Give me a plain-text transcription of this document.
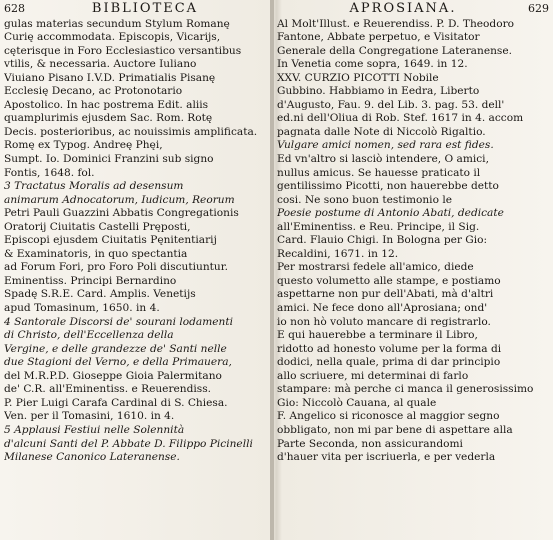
628	BIBLIOTECA
gulas materias secundum Stylum Romanę
Curię accommodata. Episcopis, Vicarijs,
cęterisque in Foro Ecclesiastico versantibus
vtilis, & necessaria. Auctore Iuliano
Viuiano Pisano I.V.D. Primatialis Pisanę
Ecclesię Decano, ac Protonotario
Apostolico. In hac postrema Edit. aliis
quamplurimis ejusdem Sac. Rom. Rotę
Decis. posterioribus, ac nouissimis amplificata.
Romę ex Typog. Andreę Phęi,
Sumpt. Io. Dominici Franzini sub signo
Fontis, 1648. fol.
3 Tractatus Moralis ad desensum
animarum Adnocatorum, Iudicum, Reorum
Petri Pauli Guazzini Abbatis Congregationis
Oratorij Ciuitatis Castelli Pręposti,
Episcopi ejusdem Ciuitatis Pęnitentiarij
& Examinatoris, in quo spectantia
ad Forum Fori, pro Foro Poli discutiuntur.
Eminentiss. Principi Bernardino
Spadę S.R.E. Card. Amplis. Venetijs
apud Tomasinum, 1650. in 4.
4 Santorale Discorsi de' sourani lodamenti
di Christo, dell'Eccellenza della
Vergine, e delle grandezze de' Santi nelle
due Stagioni del Verno, e della Primauera,
del M.R.P.D. Gioseppe Gioia Palermitano
de' C.R. all'Eminentiss. e Reuerendiss.
P. Pier Luigi Carafa Cardinal di S. Chiesa.
Ven. per il Tomasini, 1610. in 4.
5 Applausi Festiui nelle Solennità
d'alcuni Santi del P. Abbate D. Filippo Picinelli
Milanese Canonico Lateranense.
APROSIANA.	629
Al Molt'Illust. e Reuerendiss. P. D. Theodoro
Fantone, Abbate perpetuo, e Visitator
Generale della Congregatione Lateranense.
In Venetia come sopra, 1649. in 12.
XXV. CURZIO PICOTTI Nobile
Gubbino. Habbiamo in Eedra, Liberto
d'Augusto, Fau. 9. del Lib. 3. pag. 53. dell'
ed.ni dell'Oliua di Rob. Stef. 1617 in 4. accom
pagnata dalle Note di Niccolò Rigaltio.
Vulgare amici nomen, sed rara est fides.
Ed vn'altro si lasciò intendere, O amici,
nullus amicus. Se hauesse praticato il
gentilissimo Picotti, non hauerebbe detto
cosi. Ne sono buon testimonio le
Poesie postume di Antonio Abati, dedicate
all'Eminentiss. e Reu. Principe, il Sig.
Card. Flauio Chigi. In Bologna per Gio:
Recaldini, 1671. in 12.
Per mostrarsi fedele all'amico, diede
questo volumetto alle stampe, e postiamo
aspettarne non pur dell'Abati, mà d'altri
amici. Ne fece dono all'Aprosiana; ond'
io non hò voluto mancare di registrarlo.
E qui hauerebbe a terminare il Libro,
ridotto ad honesto volume per la forma di
dodici, nella quale, prima di dar principio
allo scriuere, mi determinai di farlo
stampare: mà perche ci manca il generosissimo
Gio: Niccolò Cauana, al quale
F. Angelico si riconosce al maggior segno
obbligato, non mi par bene di aspettare alla
Parte Seconda, non assicurandomi
d'hauer vita per iscriuerla, e per vederla
